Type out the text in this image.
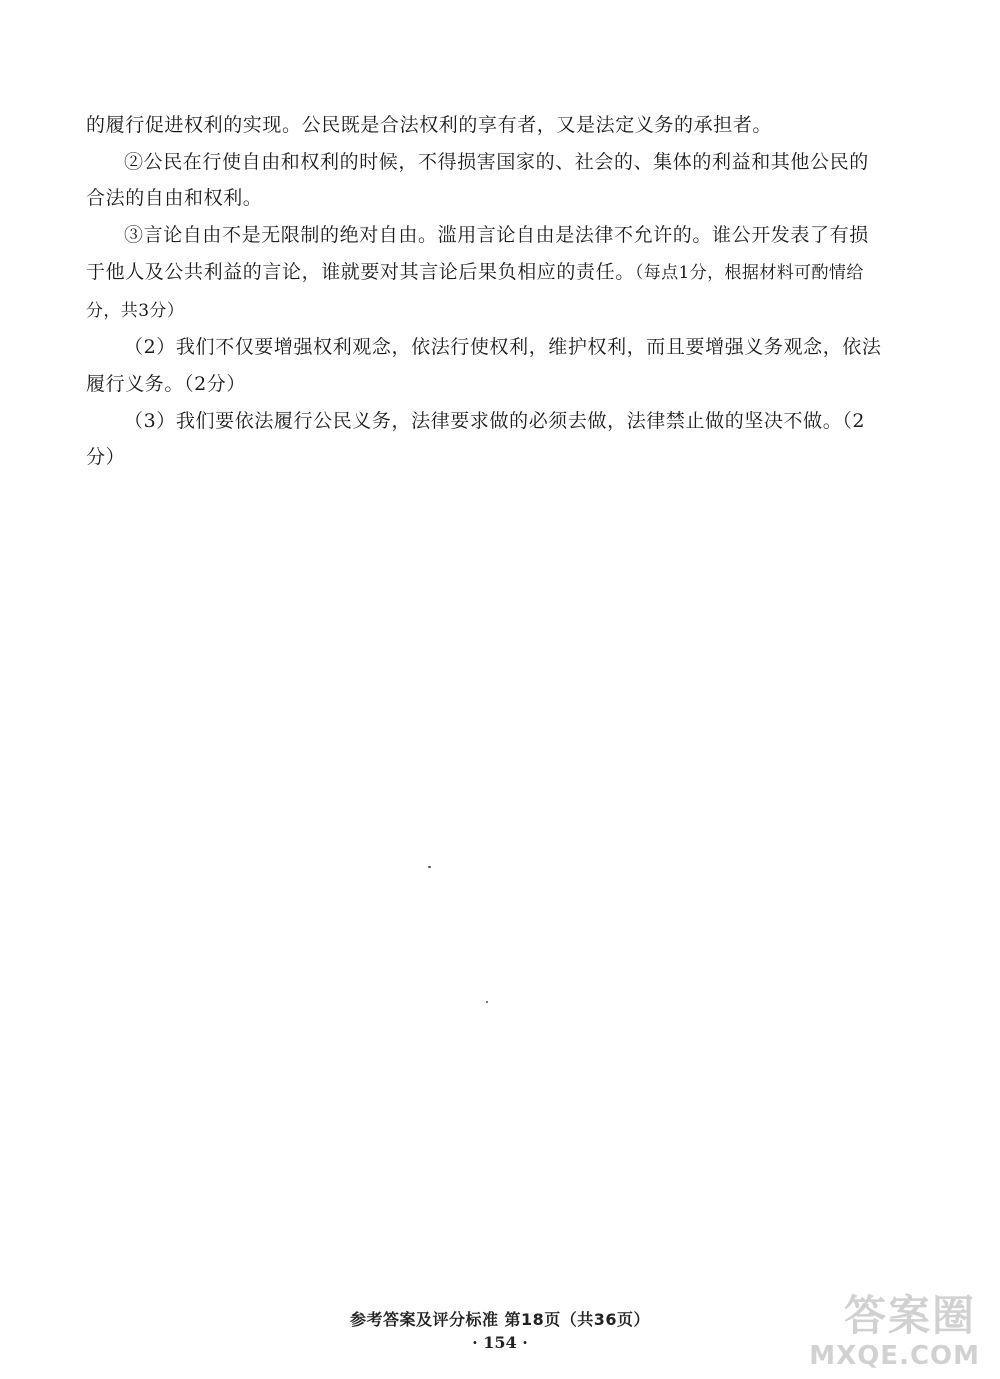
的履行促进权利的实现。公民既是合法权利的享有者，又是法定义务的承担者。

②公民在行使自由和权利的时候，不得损害国家的、社会的、集体的利益和其他公民的合法的自由和权利。

③言论自由不是无限制的绝对自由。滥用言论自由是法律不允许的。谁公开发表了有损于他人及公共利益的言论，谁就要对其言论后果负相应的责任。（每点1分，根据材料可酌情给分，共3分）

（2）我们不仅要增强权利观念，依法行使权利，维护权利，而且要增强义务观念，依法履行义务。（2分）

（3）我们要依法履行公民义务，法律要求做的必须去做，法律禁止做的坚决不做。（2分）

参考答案及评分标准 第18页（共36页）
· 154 ·
答案圈
MXQE.COM
